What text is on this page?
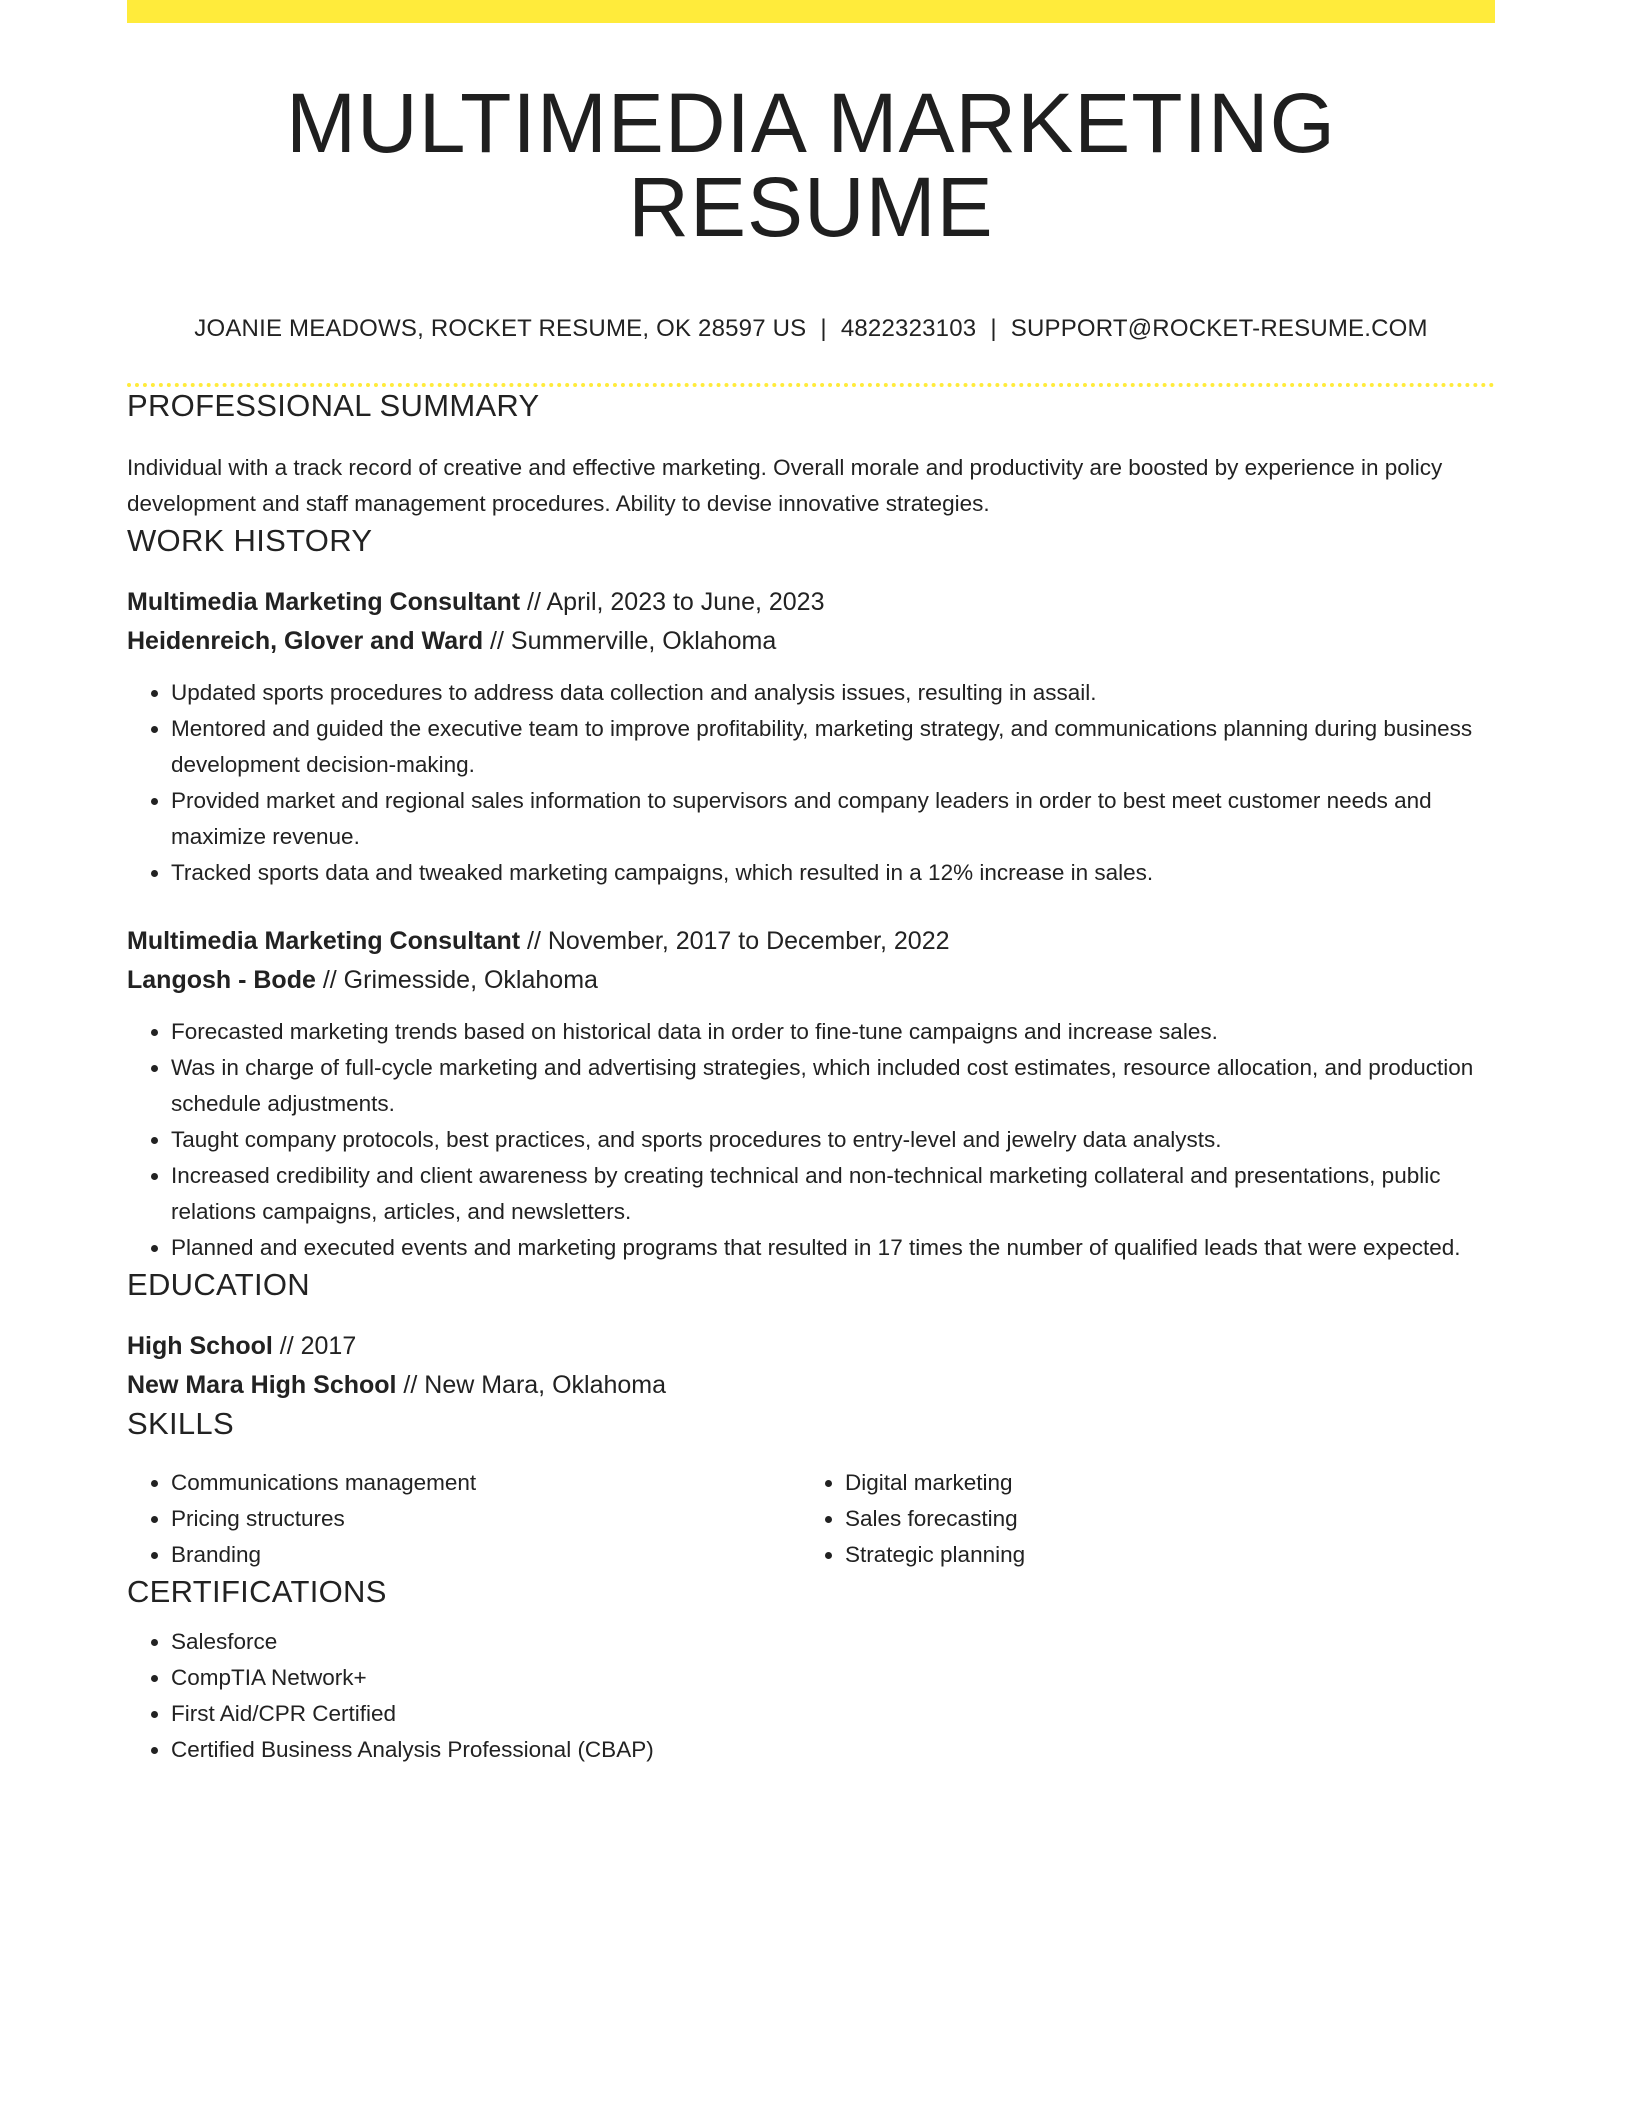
MULTIMEDIA MARKETING RESUME
JOANIE MEADOWS, ROCKET RESUME, OK 28597 US | 4822323103 | SUPPORT@ROCKET-RESUME.COM
PROFESSIONAL SUMMARY
Individual with a track record of creative and effective marketing. Overall morale and productivity are boosted by experience in policy development and staff management procedures. Ability to devise innovative strategies.
WORK HISTORY
Multimedia Marketing Consultant // April, 2023 to June, 2023
Heidenreich, Glover and Ward // Summerville, Oklahoma
• Updated sports procedures to address data collection and analysis issues, resulting in assail.
• Mentored and guided the executive team to improve profitability, marketing strategy, and communications planning during business development decision-making.
• Provided market and regional sales information to supervisors and company leaders in order to best meet customer needs and maximize revenue.
• Tracked sports data and tweaked marketing campaigns, which resulted in a 12% increase in sales.
Multimedia Marketing Consultant // November, 2017 to December, 2022
Langosh - Bode // Grimesside, Oklahoma
• Forecasted marketing trends based on historical data in order to fine-tune campaigns and increase sales.
• Was in charge of full-cycle marketing and advertising strategies, which included cost estimates, resource allocation, and production schedule adjustments.
• Taught company protocols, best practices, and sports procedures to entry-level and jewelry data analysts.
• Increased credibility and client awareness by creating technical and non-technical marketing collateral and presentations, public relations campaigns, articles, and newsletters.
• Planned and executed events and marketing programs that resulted in 17 times the number of qualified leads that were expected.
EDUCATION
High School // 2017
New Mara High School // New Mara, Oklahoma
SKILLS
• Communications management
• Pricing structures
• Branding
• Digital marketing
• Sales forecasting
• Strategic planning
CERTIFICATIONS
• Salesforce
• CompTIA Network+
• First Aid/CPR Certified
• Certified Business Analysis Professional (CBAP)
